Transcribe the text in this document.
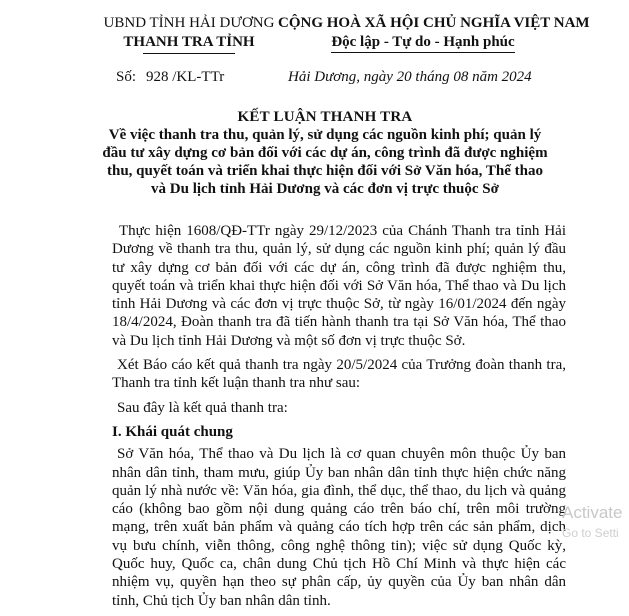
UBND TỈNH HẢI DƯƠNG
THANH TRA TỈNH
CỘNG HOÀ XÃ HỘI CHỦ NGHĨA VIỆT NAM
Độc lập - Tự do - Hạnh phúc
Số: 928 /KL-TTr	Hải Dương, ngày 20 tháng 08 năm 2024
KẾT LUẬN THANH TRA
Về việc thanh tra thu, quản lý, sử dụng các nguồn kinh phí; quản lý đầu tư xây dựng cơ bản đối với các dự án, công trình đã được nghiệm thu, quyết toán và triển khai thực hiện đối với Sở Văn hóa, Thể thao và Du lịch tỉnh Hải Dương và các đơn vị trực thuộc Sở

Thực hiện 1608/QĐ-TTr ngày 29/12/2023 của Chánh Thanh tra tỉnh Hải Dương về thanh tra thu, quản lý, sử dụng các nguồn kinh phí; quản lý đầu tư xây dựng cơ bản đối với các dự án, công trình đã được nghiệm thu, quyết toán và triển khai thực hiện đối với Sở Văn hóa, Thể thao và Du lịch tỉnh Hải Dương và các đơn vị trực thuộc Sở, từ ngày 16/01/2024 đến ngày 18/4/2024, Đoàn thanh tra đã tiến hành thanh tra tại Sở Văn hóa, Thể thao và Du lịch tỉnh Hải Dương và một số đơn vị trực thuộc Sở.

Xét Báo cáo kết quả thanh tra ngày 20/5/2024 của Trưởng đoàn thanh tra, Thanh tra tỉnh kết luận thanh tra như sau:

Sau đây là kết quả thanh tra:

I. Khái quát chung

Sở Văn hóa, Thể thao và Du lịch là cơ quan chuyên môn thuộc Ủy ban nhân dân tỉnh, tham mưu, giúp Ủy ban nhân dân tỉnh thực hiện chức năng quản lý nhà nước về: Văn hóa, gia đình, thể dục, thể thao, du lịch và quảng cáo (không bao gồm nội dung quảng cáo trên báo chí, trên môi trường mạng, trên xuất bản phẩm và quảng cáo tích hợp trên các sản phẩm, dịch vụ bưu chính, viễn thông, công nghệ thông tin); việc sử dụng Quốc kỳ, Quốc huy, Quốc ca, chân dung Chủ tịch Hồ Chí Minh và thực hiện các nhiệm vụ, quyền hạn theo sự phân cấp, ủy quyền của Ủy ban nhân dân tỉnh, Chủ tịch Ủy ban nhân dân tỉnh.

Activate
Go to Setti
